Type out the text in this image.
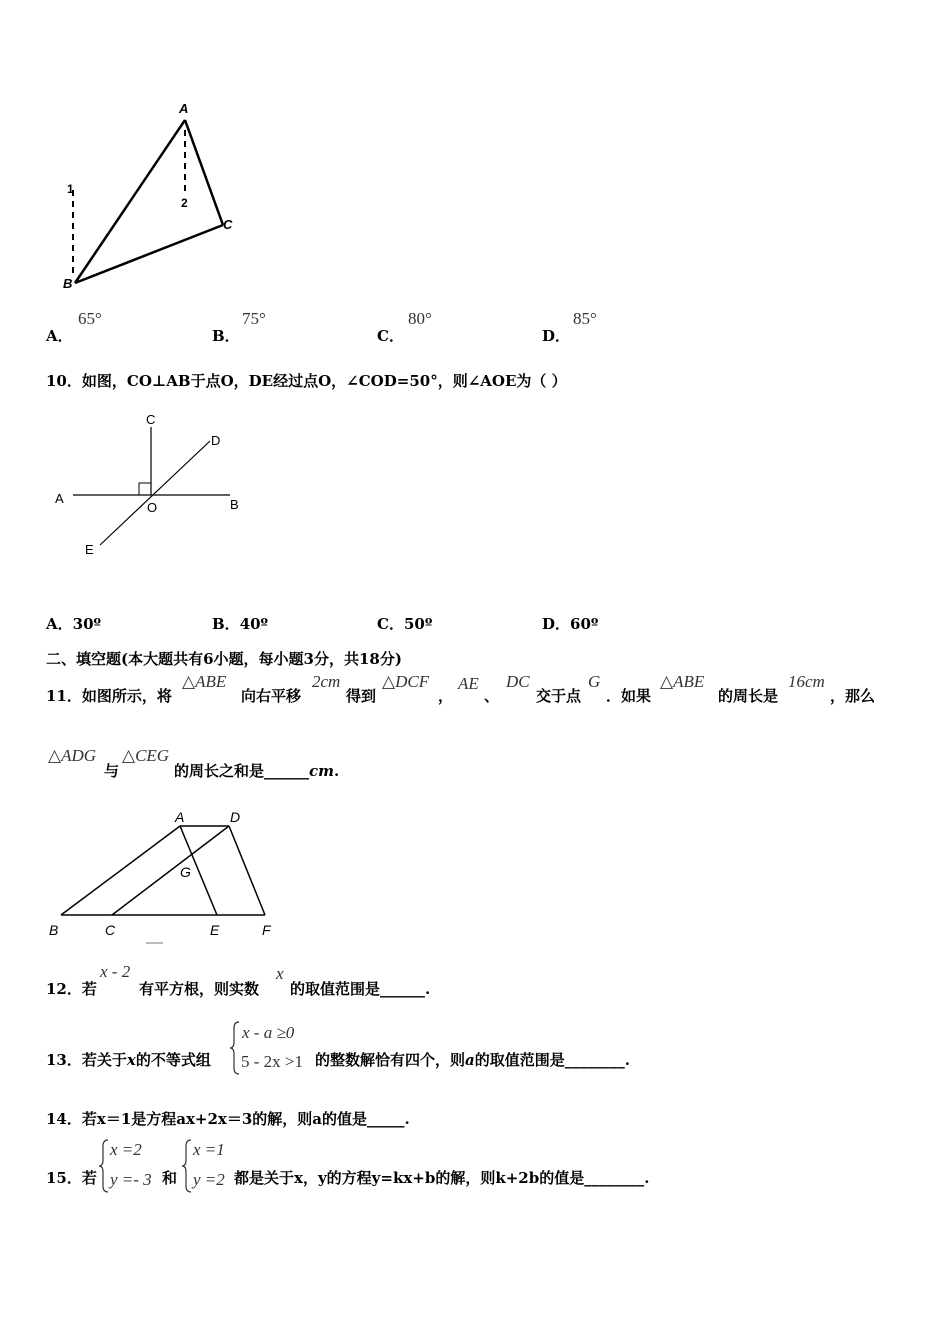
A
B
C
1
2
A．
65°
B．
75°
C．
80°
D．
85°
10．如图，CO⊥AB于点O，DE经过点O，∠COD=50°，则∠AOE为（ ）
C
D
A	B
O
E
A．30º	B．40º	C．50º	D．60º
二、填空题(本大题共有6小题，每小题3分，共18分)
11．如图所示，将
△ABE
向右平移
2cm
得到
△DCF
，
AE
、
DC
交于点
G
．如果
△ABE
的周长是
16cm
，那么
△ADG
与
△CEG
的周长之和是______cm.
A	D
G
B	C	E	F
12．若
x - 2
有平方根，则实数
x
的取值范围是______.
13．若关于x的不等式组
x - a ≥0
5 - 2x >1 的整数解恰有四个，则a的取值范围是________.
14．若x＝1是方程ax+2x＝3的解，则a的值是_____.
15．若
x =2
y =- 3 和
x =1
y =2 都是关于x，y的方程y=kx+b的解，则k+2b的值是________.
